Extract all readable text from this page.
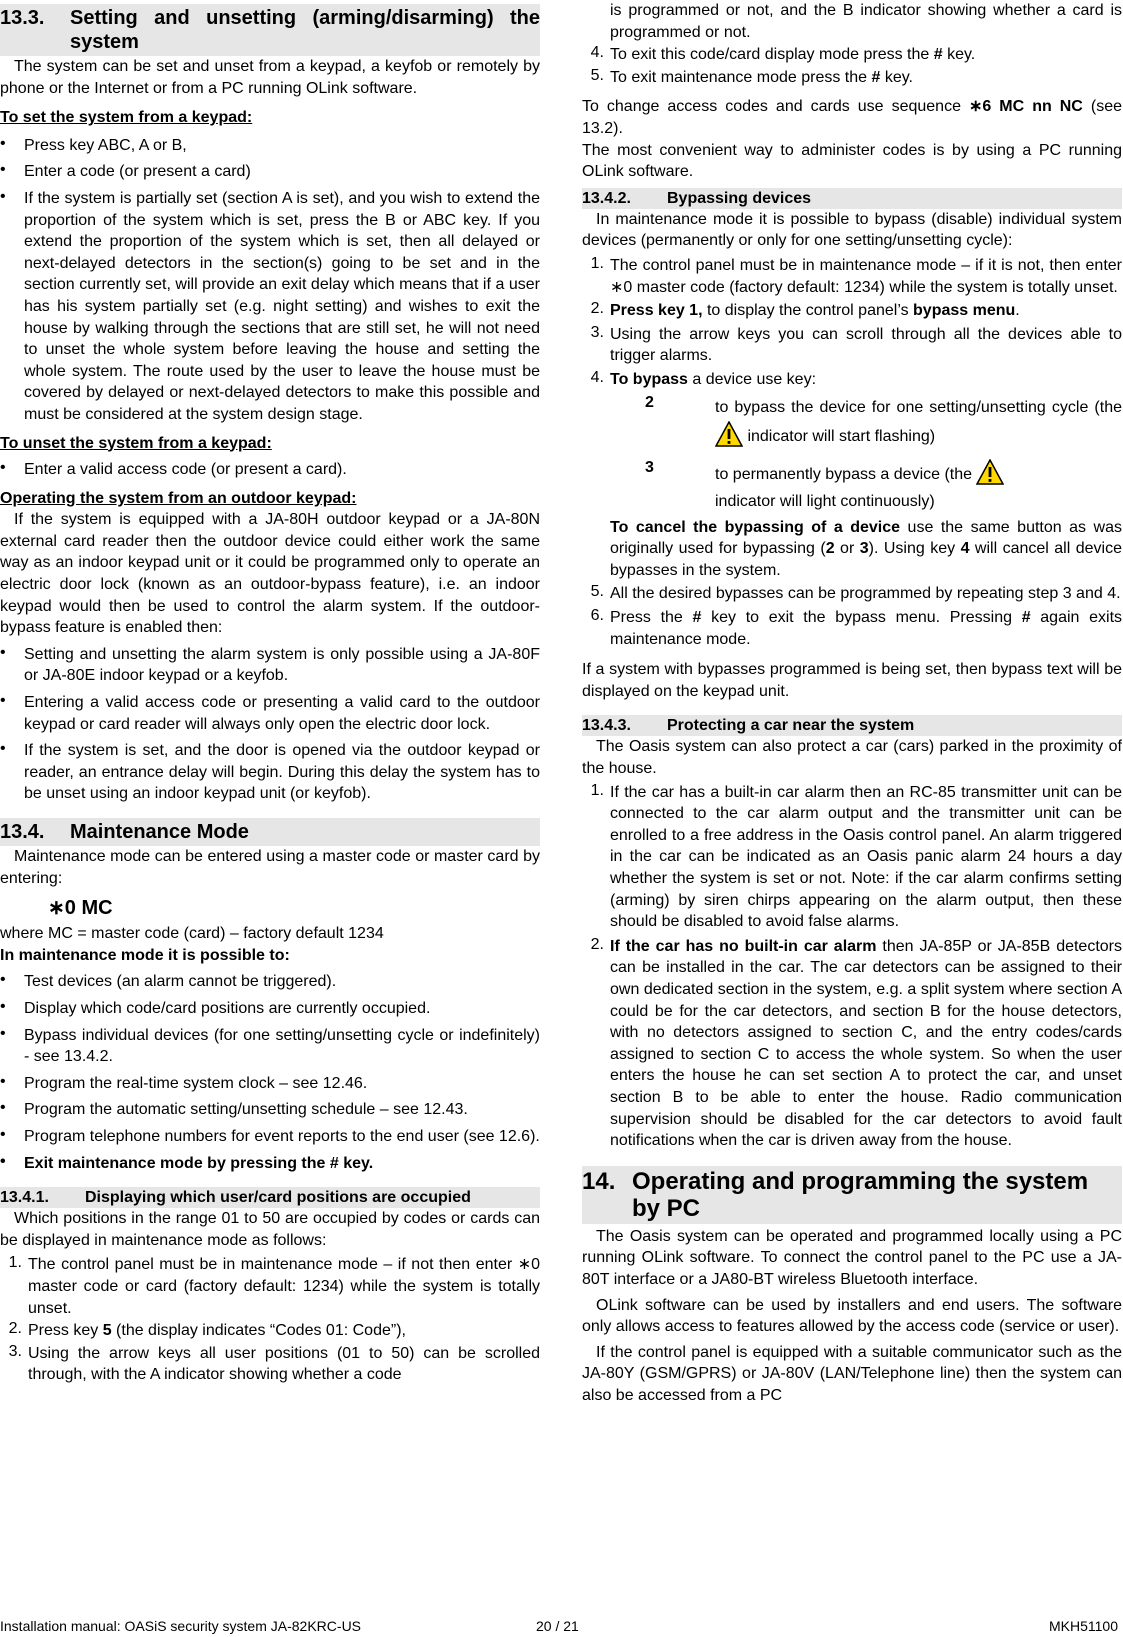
13.3.	Setting and unsetting (arming/disarming) the system

The system can be set and unset from a keypad, a keyfob or remotely by phone or the Internet or from a PC running OLink software.

To set the system from a keypad:
•	Press key ABC, A or B,

•	Enter a code (or present a card)

•	If the system is partially set (section A is set), and you wish to extend the proportion of the system which is set, press the B or ABC key. If you extend the proportion of the system which is set, then all delayed or next-delayed detectors in the section(s) going to be set and in the section currently set, will provide an exit delay which means that if a user has his system partially set (e.g. night setting) and wishes to exit the house by walking through the sections that are still set, he will not need to unset the whole system before leaving the house and setting the whole system. The route used by the user to leave the house must be covered by delayed or next-delayed detectors to make this possible and must be considered at the system design stage.

To unset the system from a keypad:
•	Enter a valid access code (or present a card).

Operating the system from an outdoor keypad:

If the system is equipped with a JA-80H outdoor keypad or a JA-80N external card reader then the outdoor device could either work the same way as an indoor keypad unit or it could be programmed only to operate an electric door lock (known as an outdoor-bypass feature), i.e. an indoor keypad would then be used to control the alarm system. If the outdoor-bypass feature is enabled then:

•	Setting and unsetting the alarm system is only possible using a JA-80F or JA-80E indoor keypad or a keyfob.

•	Entering a valid access code or presenting a valid card to the outdoor keypad or card reader will always only open the electric door lock.

•	If the system is set, and the door is opened via the outdoor keypad or reader, an entrance delay will begin. During this delay the system has to be unset using an indoor keypad unit (or keyfob).

13.4.	Maintenance Mode

Maintenance mode can be entered using a master code or master card by entering:

∗0 MC

where MC = master code (card) – factory default 1234

In maintenance mode it is possible to:

•	Test devices (an alarm cannot be triggered).

•	Display which code/card positions are currently occupied.

•	Bypass individual devices (for one setting/unsetting cycle or indefinitely) - see 13.4.2.

•	Program the real-time system clock – see 12.46.

•	Program the automatic setting/unsetting schedule – see 12.43.

•	Program telephone numbers for event reports to the end user (see 12.6).

•	Exit maintenance mode by pressing the # key.

13.4.1.	Displaying which user/card positions are occupied

Which positions in the range 01 to 50 are occupied by codes or cards can be displayed in maintenance mode as follows:

1. The control panel must be in maintenance mode – if not then enter ∗0 master code or card (factory default: 1234) while the system is totally unset.

2. Press key 5 (the display indicates “Codes 01: Code”),

3. Using the arrow keys all user positions (01 to 50) can be scrolled through, with the A indicator showing whether a code

is programmed or not, and the B indicator showing whether a card is programmed or not.

4. To exit this code/card display mode press the # key.

5. To exit maintenance mode press the # key.

To change access codes and cards use sequence ∗6 MC nn NC (see 13.2).

The most convenient way to administer codes is by using a PC running OLink software.

13.4.2.	Bypassing devices

In maintenance mode it is possible to bypass (disable) individual system devices (permanently or only for one setting/unsetting cycle):

1. The control panel must be in maintenance mode – if it is not, then enter ∗0 master code (factory default: 1234) while the system is totally unset.

2. Press key 1, to display the control panel’s bypass menu.

3. Using the arrow keys you can scroll through all the devices able to trigger alarms.

4. To bypass a device use key:

2	to bypass the device for one setting/unsetting cycle (the  indicator will start flashing)

3	to permanently bypass a device (the
indicator will light continuously)

To cancel the bypassing of a device use the same button as was originally used for bypassing (2 or 3). Using key 4 will cancel all device bypasses in the system.

5. All the desired bypasses can be programmed by repeating step 3 and 4.

6. Press the # key to exit the bypass menu. Pressing # again exits maintenance mode.

If a system with bypasses programmed is being set, then bypass text will be displayed on the keypad unit.

13.4.3.	Protecting a car near the system

The Oasis system can also protect a car (cars) parked in the proximity of the house.

1. If the car has a built-in car alarm then an RC-85 transmitter unit can be connected to the car alarm output and the transmitter unit can be enrolled to a free address in the Oasis control panel. An alarm triggered in the car can be indicated as an Oasis panic alarm 24 hours a day whether the system is set or not. Note: if the car alarm confirms setting (arming) by siren chirps appearing on the alarm output, then these should be disabled to avoid false alarms.

2. If the car has no built-in car alarm then JA-85P or JA-85B detectors can be installed in the car. The car detectors can be assigned to their own dedicated section in the system, e.g. a split system where section A could be for the car detectors, and section B for the house detectors, with no detectors assigned to section C, and the entry codes/cards assigned to section C to access the whole system. So when the user enters the house he can set section A to protect the car, and unset section B to be able to enter the house. Radio communication supervision should be disabled for the car detectors to avoid fault notifications when the car is driven away from the house.

14. Operating and programming the system by PC

The Oasis system can be operated and programmed locally using a PC running OLink software. To connect the control panel to the PC use a JA-80T interface or a JA80-BT wireless Bluetooth interface.

OLink software can be used by installers and end users. The software only allows access to features allowed by the access code (service or user).

If the control panel is equipped with a suitable communicator such as the JA-80Y (GSM/GPRS) or JA-80V (LAN/Telephone line) then the system can also be accessed from a PC

Installation manual: OASiS security system JA-82KRC-US	20 / 21	MKH51100
